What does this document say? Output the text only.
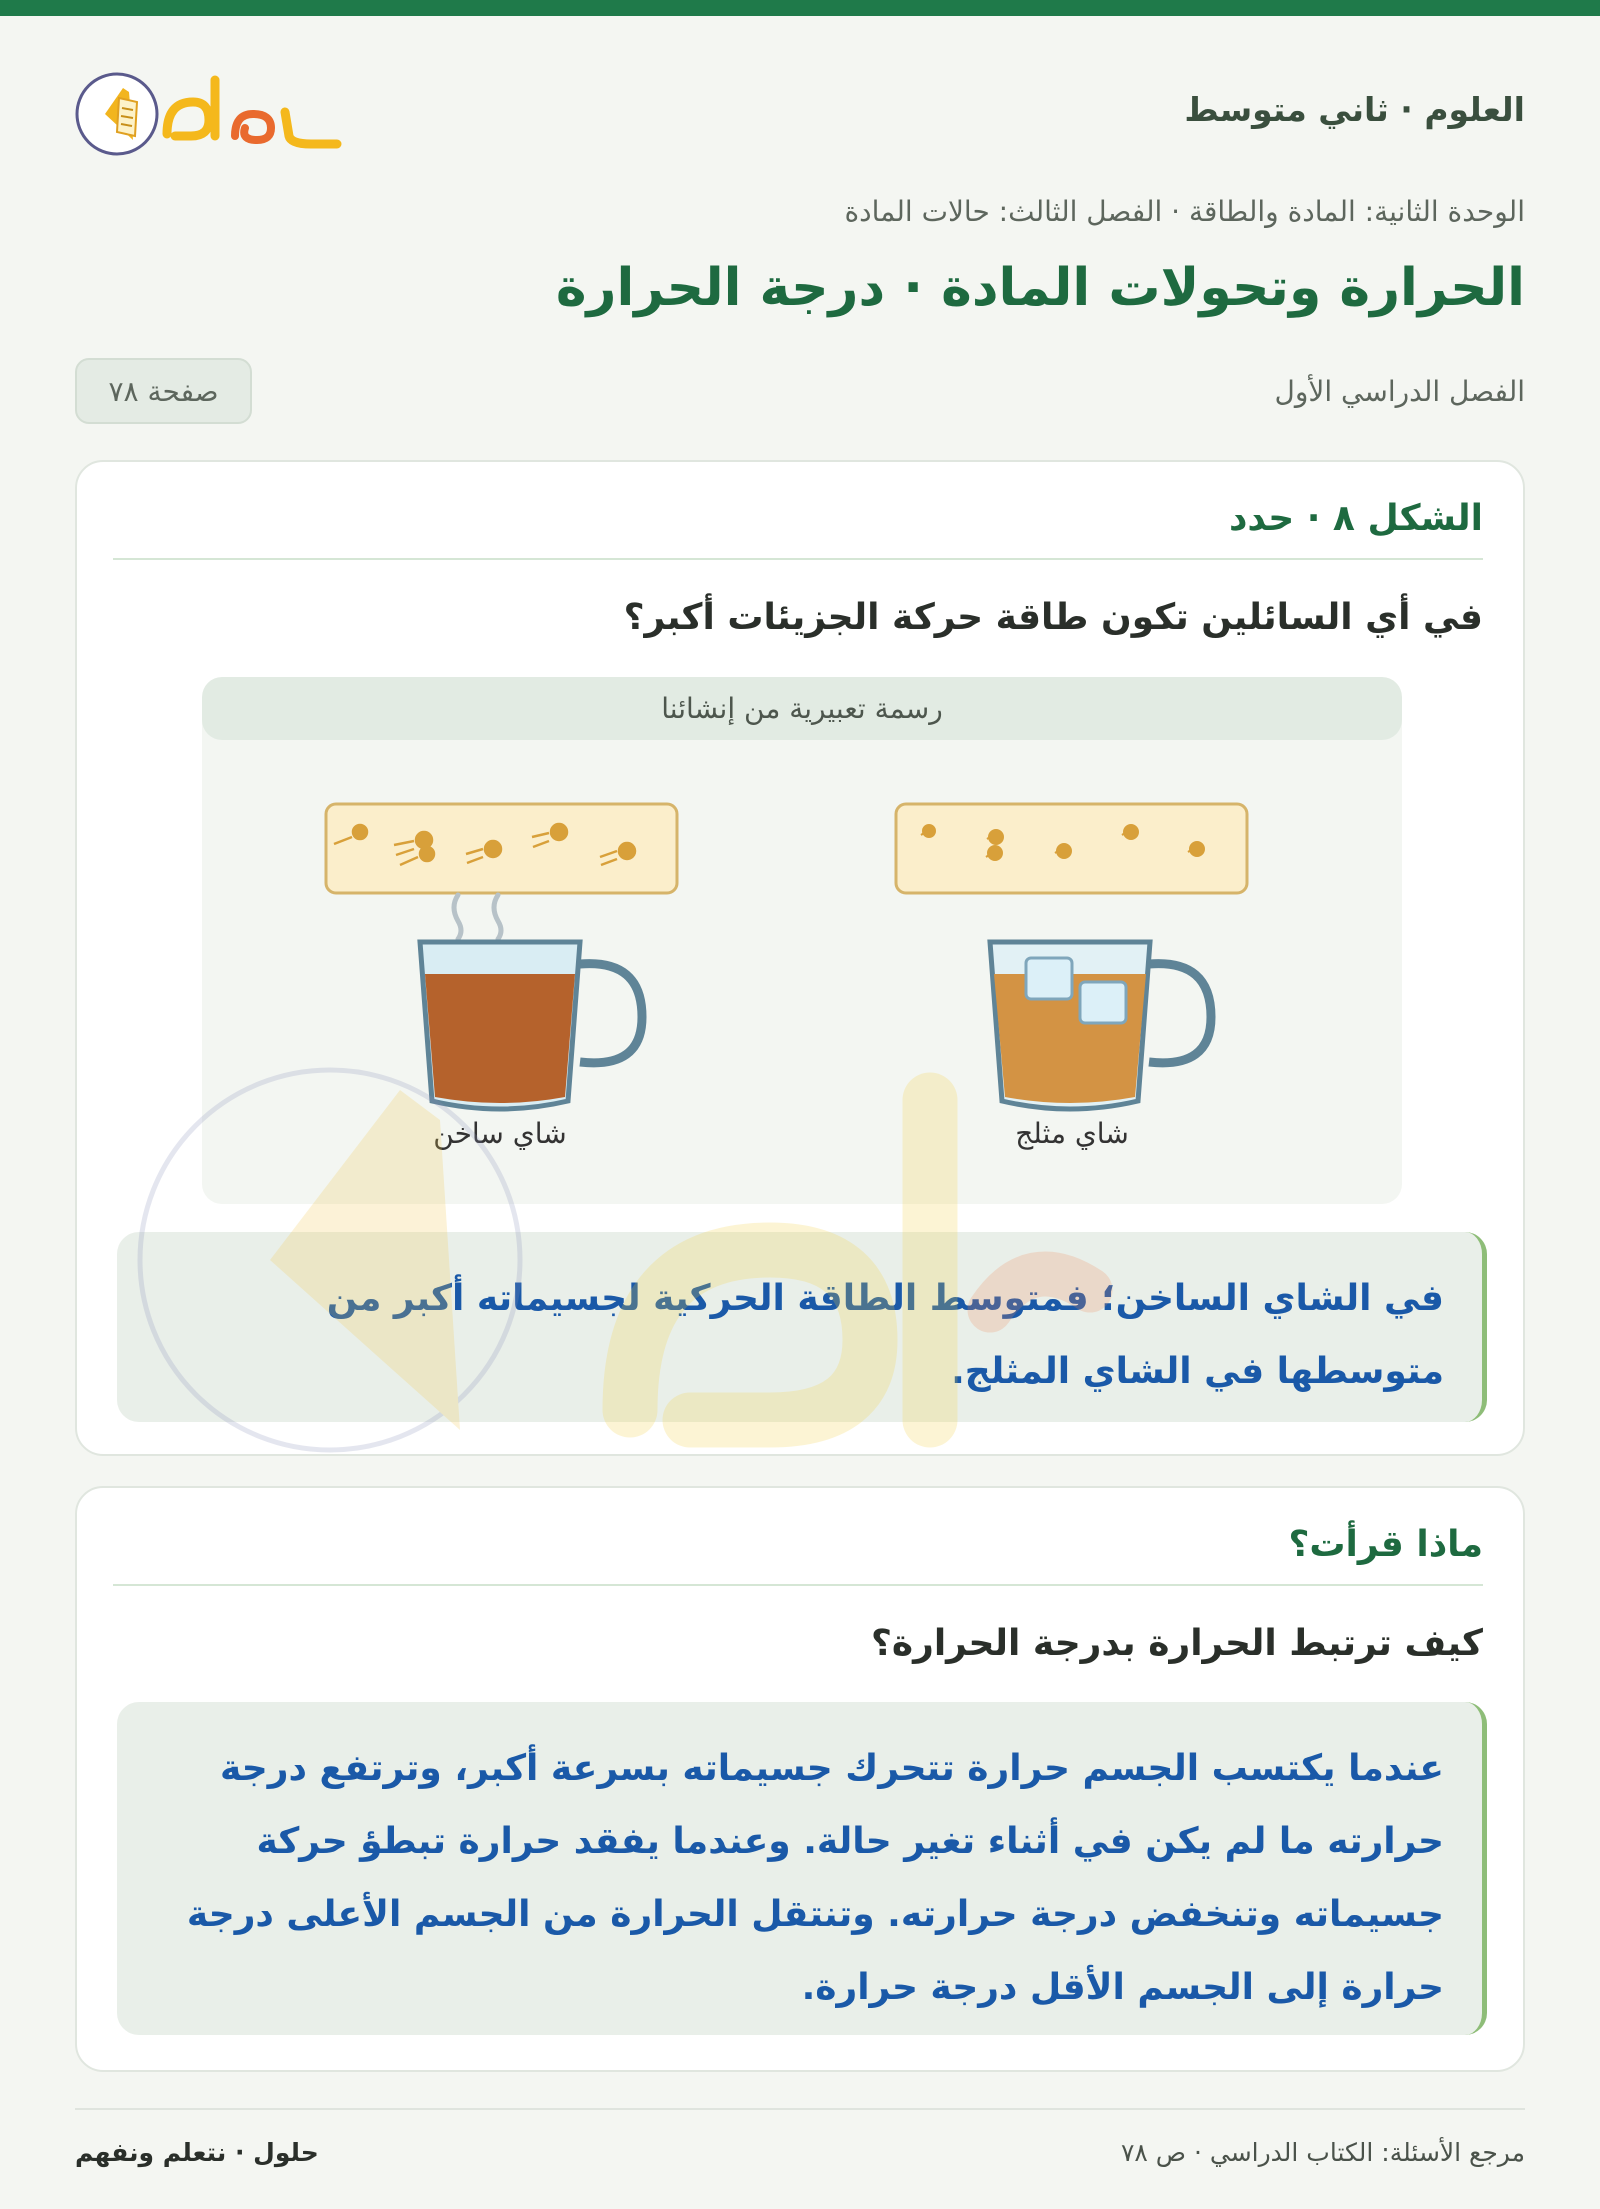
العلوم · ثاني متوسط
الوحدة الثانية: المادة والطاقة · الفصل الثالث: حالات المادة
الحرارة وتحولات المادة · درجة الحرارة
الفصل الدراسي الأول
صفحة ٧٨
الشكل ٨ · حدد
في أي السائلين تكون طاقة حركة الجزيئات أكبر؟
رسمة تعبيرية من إنشائنا
شاي ساخن	شاي مثلج
في الشاي الساخن؛ فمتوسط الطاقة الحركية لجسيماته أكبر من متوسطها في الشاي المثلج.
ماذا قرأت؟
كيف ترتبط الحرارة بدرجة الحرارة؟
عندما يكتسب الجسم حرارة تتحرك جسيماته بسرعة أكبر، وترتفع درجة حرارته ما لم يكن في أثناء تغير حالة. وعندما يفقد حرارة تبطؤ حركة جسيماته وتنخفض درجة حرارته. وتنتقل الحرارة من الجسم الأعلى درجة حرارة إلى الجسم الأقل درجة حرارة.
مرجع الأسئلة: الكتاب الدراسي · ص ٧٨
حلول · نتعلم ونفهم
